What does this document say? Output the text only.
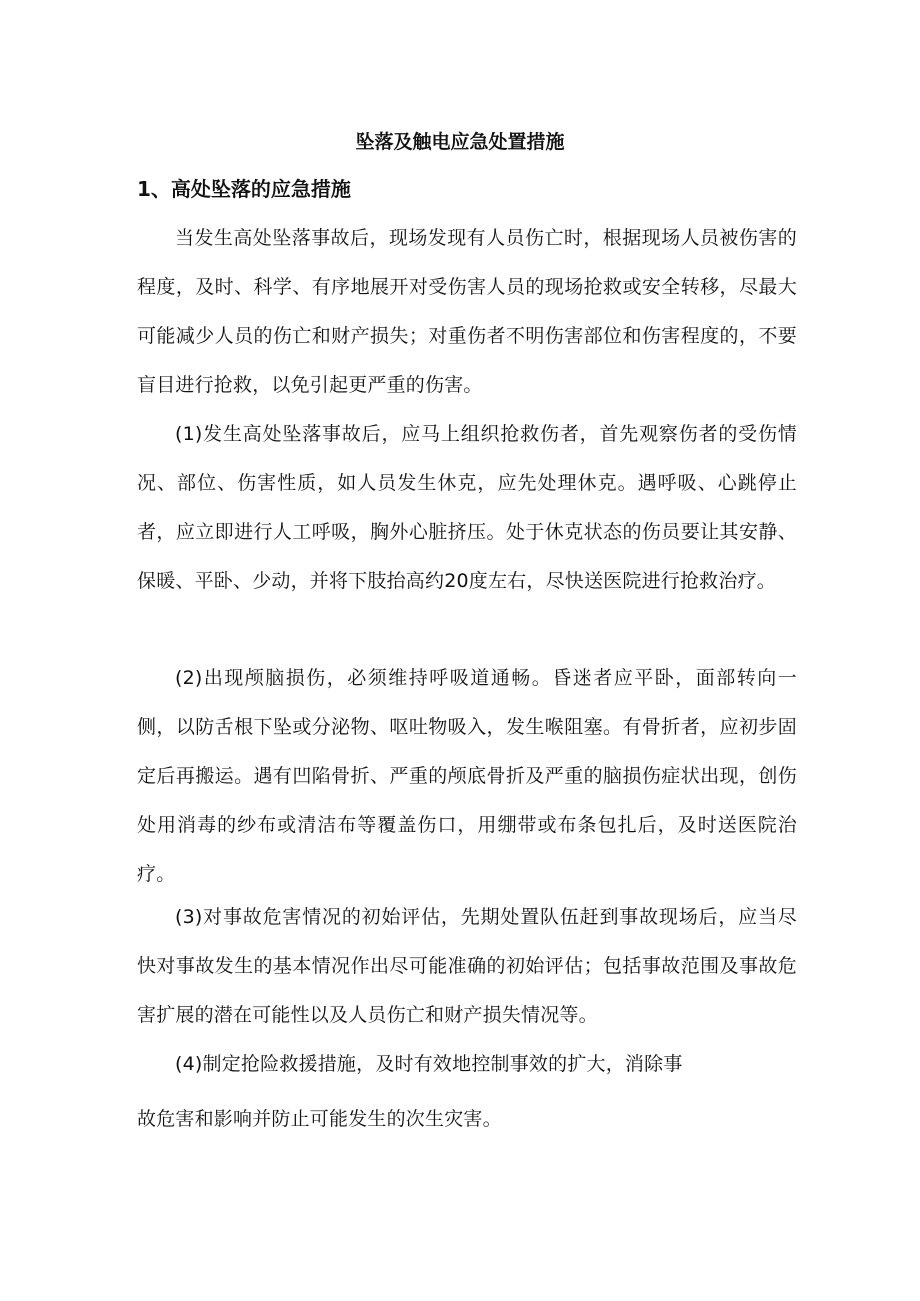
坠落及触电应急处置措施
1、高处坠落的应急措施

当发生高处坠落事故后，现场发现有人员伤亡时，根据现场人员被伤害的程度，及时、科学、有序地展开对受伤害人员的现场抢救或安全转移，尽最大可能减少人员的伤亡和财产损失；对重伤者不明伤害部位和伤害程度的，不要盲目进行抢救，以免引起更严重的伤害。

(1)发生高处坠落事故后，应马上组织抢救伤者，首先观察伤者的受伤情况、部位、伤害性质，如人员发生休克，应先处理休克。遇呼吸、心跳停止者，应立即进行人工呼吸，胸外心脏挤压。处于休克状态的伤员要让其安静、保暖、平卧、少动，并将下肢抬高约20度左右，尽快送医院进行抢救治疗。

(2)出现颅脑损伤，必须维持呼吸道通畅。昏迷者应平卧，面部转向一侧，以防舌根下坠或分泌物、呕吐物吸入，发生喉阻塞。有骨折者，应初步固定后再搬运。遇有凹陷骨折、严重的颅底骨折及严重的脑损伤症状出现，创伤处用消毒的纱布或清洁布等覆盖伤口，用绷带或布条包扎后，及时送医院治疗。

(3)对事故危害情况的初始评估，先期处置队伍赶到事故现场后，应当尽快对事故发生的基本情况作出尽可能准确的初始评估；包括事故范围及事故危害扩展的潜在可能性以及人员伤亡和财产损失情况等。

(4)制定抢险救援措施，及时有效地控制事效的扩大，消除事

故危害和影响并防止可能发生的次生灾害。
